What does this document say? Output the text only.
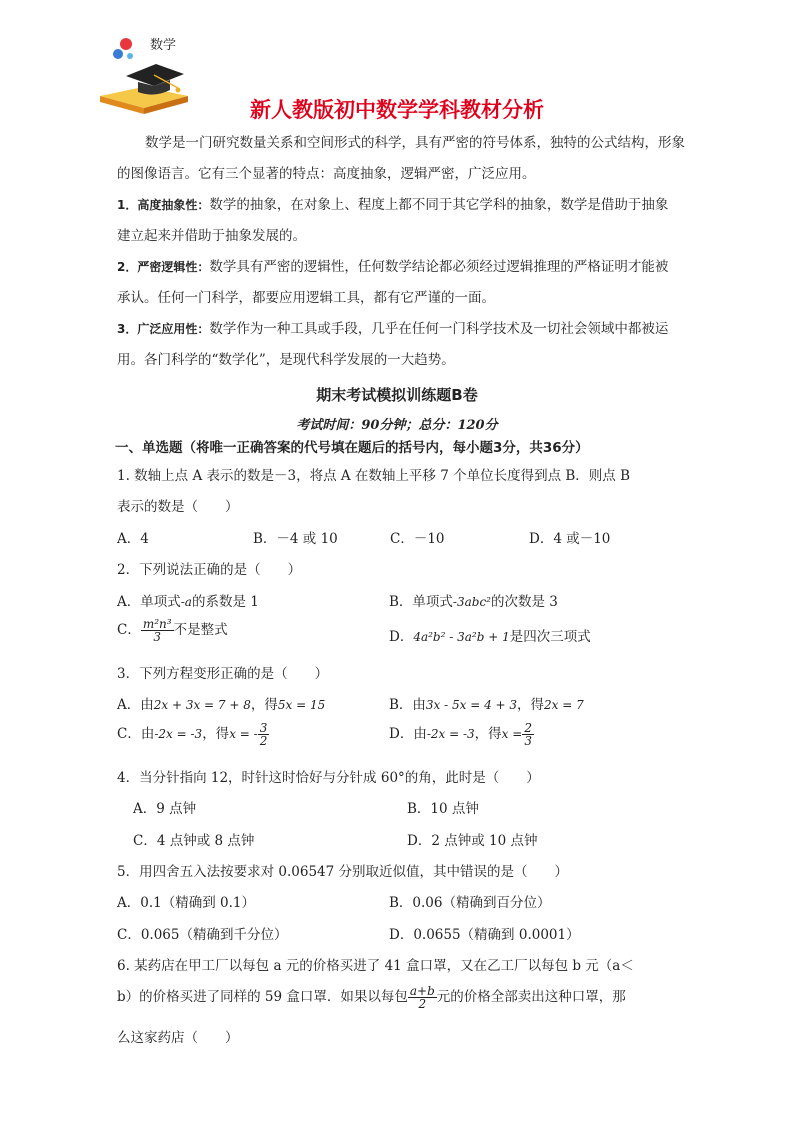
数学
新人教版初中数学学科教材分析

数学是一门研究数量关系和空间形式的科学，具有严密的符号体系，独特的公式结构，形象

的图像语言。它有三个显著的特点：高度抽象，逻辑严密，广泛应用。

1．高度抽象性：数学的抽象，在对象上、程度上都不同于其它学科的抽象，数学是借助于抽象

建立起来并借助于抽象发展的。

2．严密逻辑性：数学具有严密的逻辑性，任何数学结论都必须经过逻辑推理的严格证明才能被

承认。任何一门科学，都要应用逻辑工具，都有它严谨的一面。

3．广泛应用性：数学作为一种工具或手段，几乎在任何一门科学技术及一切社会领域中都被运

用。各门科学的“数学化”，是现代科学发展的一大趋势。

期末考试模拟训练题B卷
考试时间：90分钟；总分：120分
一、单选题（将唯一正确答案的代号填在题后的括号内，每小题3分，共36分）
1. 数轴上点 A 表示的数是－3，将点 A 在数轴上平移 7 个单位长度得到点 B．则点 B
表示的数是（　　）
A．4	B．－4 或 10	C．－10	D．4 或－10
2．下列说法正确的是（　　）
A．单项式-a的系数是 1	B．单项式-3abc²的次数是 3
C． $\frac{\text{m²n³}}{3}$ 不是整式	D．4a²b² - 3a²b + 1是四次三项式
3．下列方程变形正确的是（　　）
A．由2x + 3x = 7 + 8，得5x = 15	B．由3x - 5x = 4 + 3，得2x = 7
C．由-2x = -3，得x = - $\frac{3}{2}$	D．由-2x = -3，得$x = \frac{2}{3}$
4．当分针指向 12，时针这时恰好与分针成 60°的角，此时是（　　）
A．9 点钟	B．10 点钟
C．4 点钟或 8 点钟	D．2 点钟或 10 点钟
5．用四舍五入法按要求对 0.06547 分别取近似值，其中错误的是（　　）
A．0.1（精确到 0.1）	B．0.06（精确到百分位）
C．0.065（精确到千分位）	D．0.0655（精确到 0.0001）
6. 某药店在甲工厂以每包 a 元的价格买进了 41 盒口罩，又在乙工厂以每包 b 元（a＜
b）的价格买进了同样的 59 盒口罩．如果以每包 $\frac{a+b}{2}$ 元的价格全部卖出这种口罩，那
么这家药店（　　）
